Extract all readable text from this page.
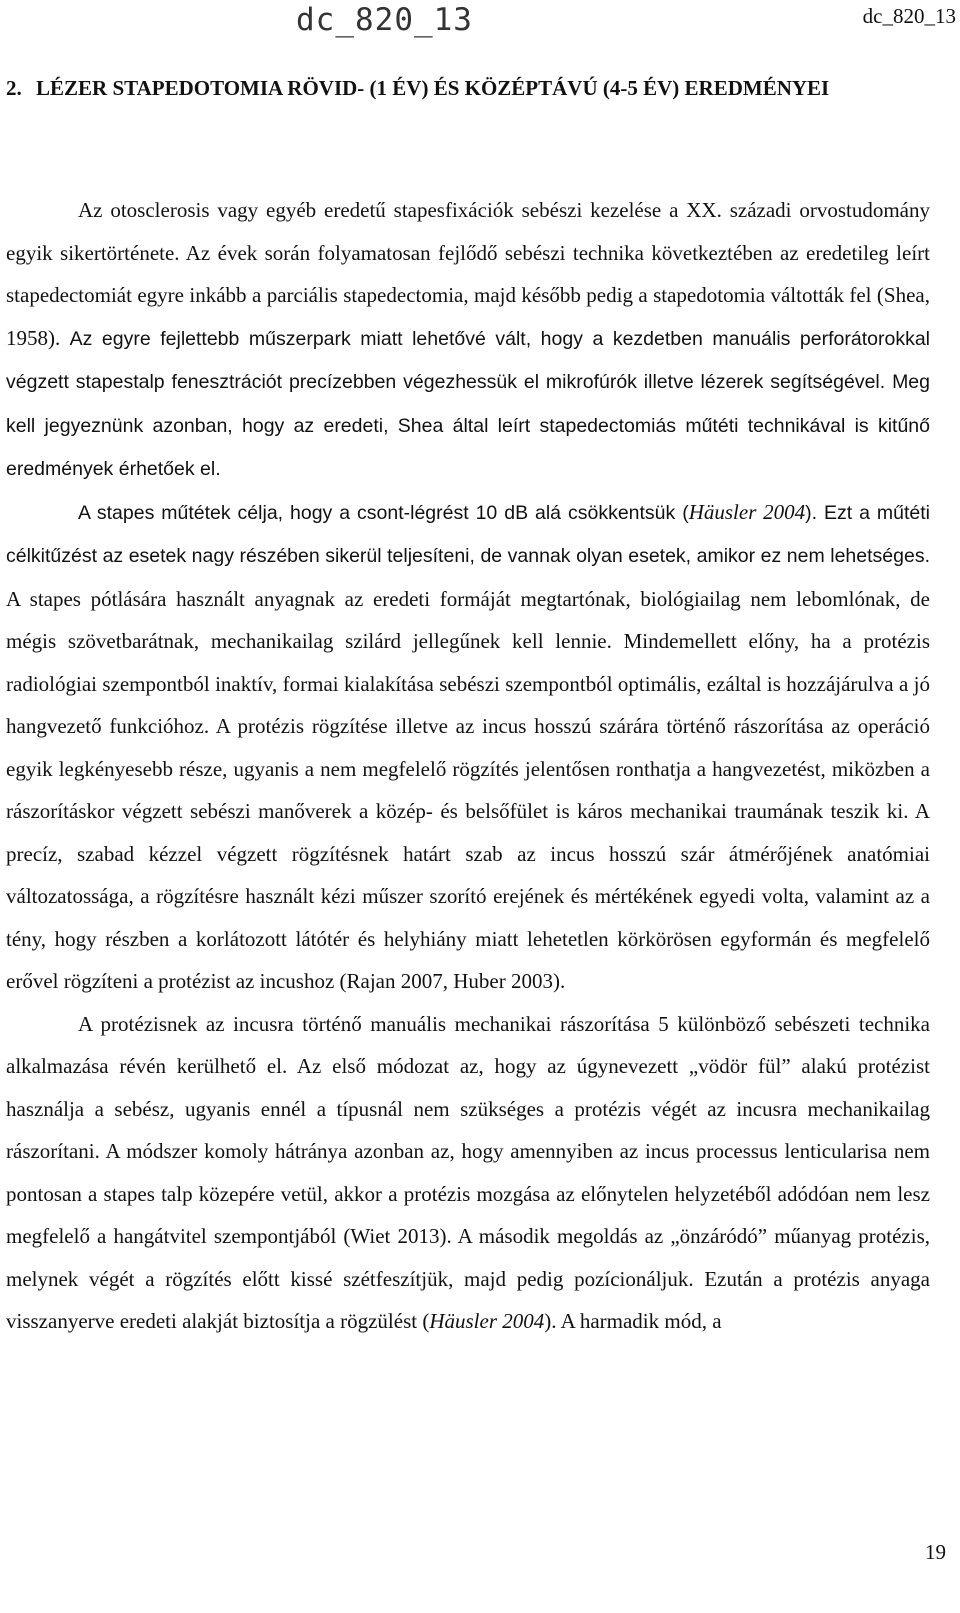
dc_820_13	dc_820_13
2. LÉZER STAPEDOTOMIA RÖVID- (1 ÉV) ÉS KÖZÉPTÁVÚ (4-5 ÉV) EREDMÉNYEI

Az otosclerosis vagy egyéb eredetű stapesfixációk sebészi kezelése a XX. századi orvostudomány egyik sikertörténete. Az évek során folyamatosan fejlődő sebészi technika következtében az eredetileg leírt stapedectomiát egyre inkább a parciális stapedectomia, majd később pedig a stapedotomia váltották fel (Shea, 1958). Az egyre fejlettebb műszerpark miatt lehetővé vált, hogy a kezdetben manuális perforátorokkal végzett stapestalp fenesztrációt precízebben végezhessük el mikrofúrók illetve lézerek segítségével. Meg kell jegyeznünk azonban, hogy az eredeti, Shea által leírt stapedectomiás műtéti technikával is kitűnő eredmények érhetőek el.

A stapes műtétek célja, hogy a csont-légrést 10 dB alá csökkentsük (Häusler 2004). Ezt a műtéti célkitűzést az esetek nagy részében sikerül teljesíteni, de vannak olyan esetek, amikor ez nem lehetséges. A stapes pótlására használt anyagnak az eredeti formáját megtartónak, biológiailag nem lebomlónak, de mégis szövetbarátnak, mechanikailag szilárd jellegűnek kell lennie. Mindemellett előny, ha a protézis radiológiai szempontból inaktív, formai kialakítása sebészi szempontból optimális, ezáltal is hozzájárulva a jó hangvezető funkcióhoz. A protézis rögzítése illetve az incus hosszú szárára történő rászorítása az operáció egyik legkényesebb része, ugyanis a nem megfelelő rögzítés jelentősen ronthatja a hangvezetést, miközben a rászorításkor végzett sebészi manőverek a közép- és belsőfület is káros mechanikai traumának teszik ki. A precíz, szabad kézzel végzett rögzítésnek határt szab az incus hosszú szár átmérőjének anatómiai változatossága, a rögzítésre használt kézi műszer szorító erejének és mértékének egyedi volta, valamint az a tény, hogy részben a korlátozott látótér és helyhiány miatt lehetetlen körkörösen egyformán és megfelelő erővel rögzíteni a protézist az incushoz (Rajan 2007, Huber 2003).

A protézisnek az incusra történő manuális mechanikai rászorítása 5 különböző sebészeti technika alkalmazása révén kerülhető el. Az első módozat az, hogy az úgynevezett „vödör fül” alakú protézist használja a sebész, ugyanis ennél a típusnál nem szükséges a protézis végét az incusra mechanikailag rászorítani. A módszer komoly hátránya azonban az, hogy amennyiben az incus processus lenticularisa nem pontosan a stapes talp közepére vetül, akkor a protézis mozgása az előnytelen helyzetéből adódóan nem lesz megfelelő a hangátvitel szempontjából (Wiet 2013). A második megoldás az „önzáródó” műanyag protézis, melynek végét a rögzítés előtt kissé szétfeszítjük, majd pedig pozícionáljuk. Ezután a protézis anyaga visszanyerve eredeti alakját biztosítja a rögzülést (Häusler 2004). A harmadik mód, a

19
